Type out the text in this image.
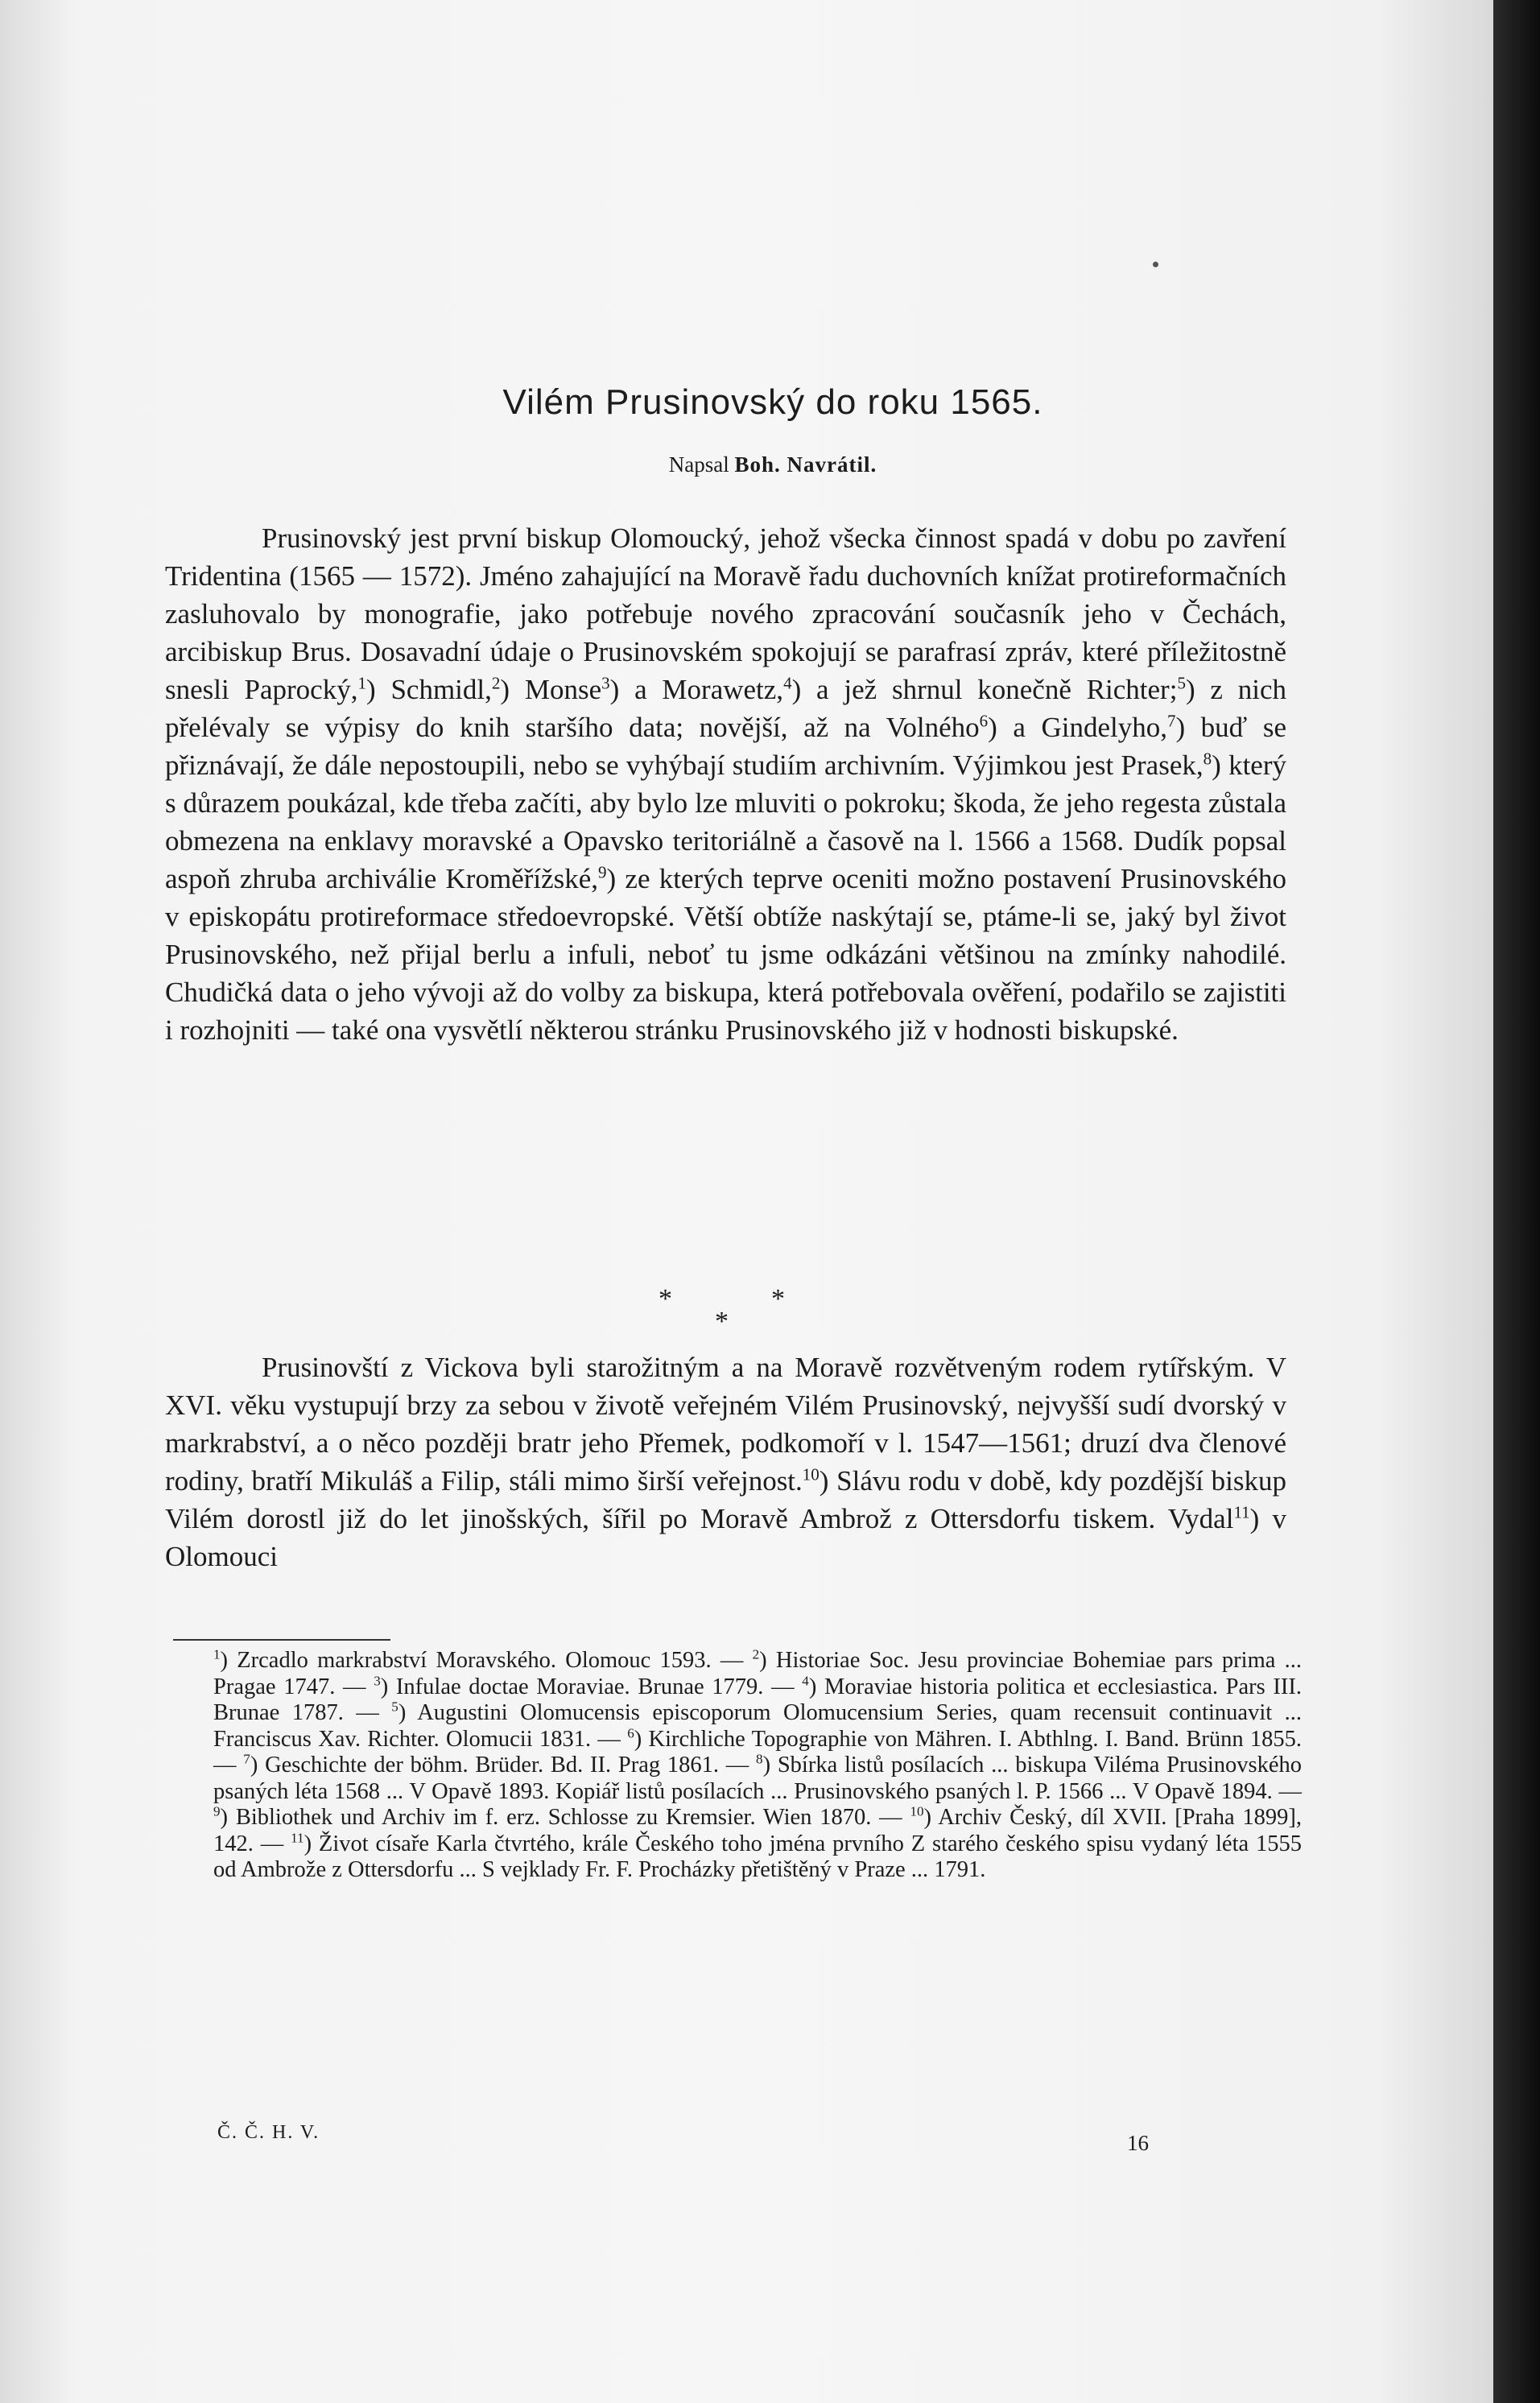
Vilém Prusinovský do roku 1565.
Napsal Boh. Navrátil.

Prusinovský jest první biskup Olomoucký, jehož všecka činnost spadá v dobu po zavření Tridentina (1565 — 1572). Jméno zahajující na Moravě řadu duchovních knížat protireformačních zasluhovalo by monografie, jako potřebuje nového zpracování současník jeho v Čechách, arcibiskup Brus. Dosavadní údaje o Prusinovském spokojují se parafrasí zpráv, které příležitostně snesli Paprocký,$^1$) Schmidl,$^2$) Monse$^3$) a Morawetz,$^4$) a jež shrnul konečně Richter;$^5$) z nich přelévaly se výpisy do knih staršího data; novější, až na Volného$^6$) a Gindelyho,$^7$) buď se přiznávají, že dále nepostoupili, nebo se vyhýbají studiím archivním. Výjimkou jest Prasek,$^8$) který s důrazem poukázal, kde třeba začíti, aby bylo lze mluviti o pokroku; škoda, že jeho regesta zůstala obmezena na enklavy moravské a Opavsko teritoriálně a časově na l. 1566 a 1568. Dudík popsal aspoň zhruba archiválie Kroměřížské,$^9$) ze kterých teprve oceniti možno postavení Prusinovského v episkopátu protireformace středoevropské. Větší obtíže naskýtají se, ptáme-li se, jaký byl život Prusinovského, než přijal berlu a infuli, neboť tu jsme odkázáni většinou na zmínky nahodilé. Chudičká data o jeho vývoji až do volby za biskupa, která potřebovala ověření, podařilo se zajistiti i rozhojniti — také ona vysvětlí některou stránku Prusinovského již v hodnosti biskupské.

*	*
*

Prusinovští z Vickova byli starožitným a na Moravě rozvětveným rodem rytířským. V XVI. věku vystupují brzy za sebou v životě veřejném Vilém Prusinovský, nejvyšší sudí dvorský v markrabství, a o něco později bratr jeho Přemek, podkomoří v l. 1547—1561; druzí dva členové rodiny, bratří Mikuláš a Filip, stáli mimo širší veřejnost.$^{10}$) Slávu rodu v době, kdy pozdější biskup Vilém dorostl již do let jinošských, šířil po Moravě Ambrož z Ottersdorfu tiskem. Vydal$^{11}$) v Olomouci

$^1$) Zrcadlo markrabství Moravského. Olomouc 1593. — $^2$) Historiae Soc. Jesu provinciae Bohemiae pars prima ... Pragae 1747. — $^3$) Infulae doctae Moraviae. Brunae 1779. — $^4$) Moraviae historia politica et ecclesiastica. Pars III. Brunae 1787. — $^5$) Augustini Olomucensis episcoporum Olomucensium Series, quam recensuit continuavit ... Franciscus Xav. Richter. Olomucii 1831. — $^6$) Kirchliche Topographie von Mähren. I. Abthlng. I. Band. Brünn 1855. — $^7$) Geschichte der böhm. Brüder. Bd. II. Prag 1861. — $^8$) Sbírka listů posílacích ... biskupa Viléma Prusinovského psaných léta 1568 ... V Opavě 1893. Kopiář listů posílacích ... Prusinovského psaných l. P. 1566 ... V Opavě 1894. — $^9$) Bibliothek und Archiv im f. erz. Schlosse zu Kremsier. Wien 1870. — $^{10}$) Archiv Český, díl XVII. [Praha 1899], 142. — $^{11}$) Život císaře Karla čtvrtého, krále Českého toho jména prvního Z starého českého spisu vydaný léta 1555 od Ambrože z Ottersdorfu ... S vejklady Fr. F. Procházky přetištěný v Praze ... 1791.
Č. Č. H. V.	16
